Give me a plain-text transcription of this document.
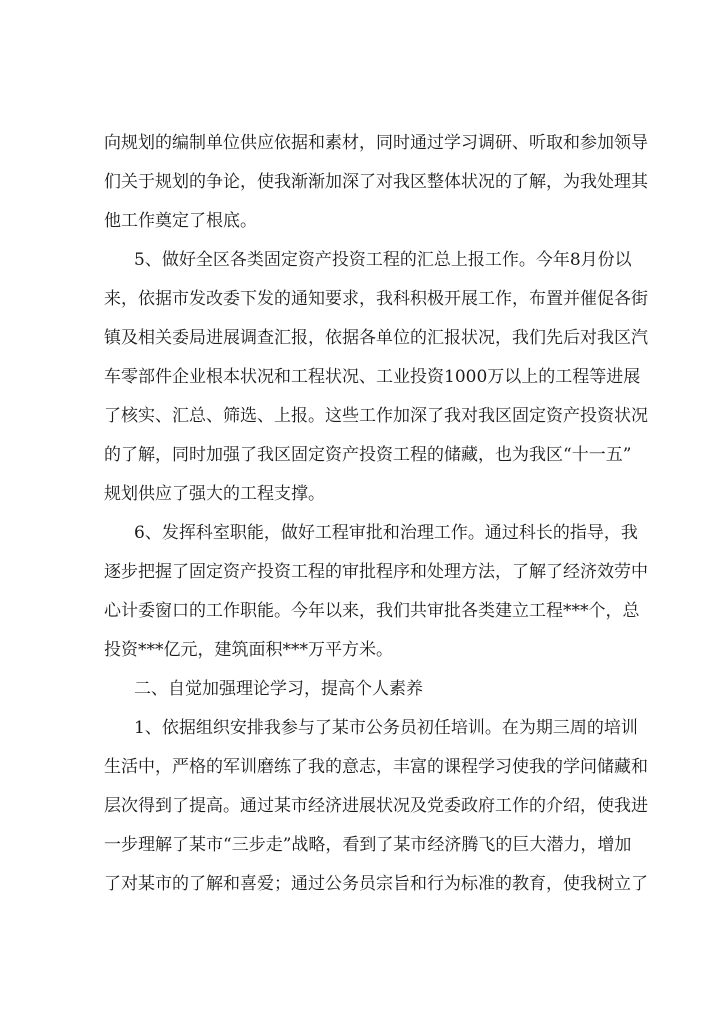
向规划的编制单位供应依据和素材，同时通过学习调研、听取和参加领导
们关于规划的争论，使我渐渐加深了对我区整体状况的了解，为我处理其
他工作奠定了根底。
5、做好全区各类固定资产投资工程的汇总上报工作。今年8月份以
来，依据市发改委下发的通知要求，我科积极开展工作，布置并催促各街
镇及相关委局进展调查汇报，依据各单位的汇报状况，我们先后对我区汽
车零部件企业根本状况和工程状况、工业投资1000万以上的工程等进展
了核实、汇总、筛选、上报。这些工作加深了我对我区固定资产投资状况
的了解，同时加强了我区固定资产投资工程的储藏，也为我区“十一五”
规划供应了强大的工程支撑。
6、发挥科室职能，做好工程审批和治理工作。通过科长的指导，我
逐步把握了固定资产投资工程的审批程序和处理方法，了解了经济效劳中
心计委窗口的工作职能。今年以来，我们共审批各类建立工程***个，总
投资***亿元，建筑面积***万平方米。
二、自觉加强理论学习，提高个人素养
1、依据组织安排我参与了某市公务员初任培训。在为期三周的培训
生活中，严格的军训磨练了我的意志，丰富的课程学习使我的学问储藏和
层次得到了提高。通过某市经济进展状况及党委政府工作的介绍，使我进
一步理解了某市“三步走”战略，看到了某市经济腾飞的巨大潜力，增加
了对某市的了解和喜爱；通过公务员宗旨和行为标准的教育，使我树立了
